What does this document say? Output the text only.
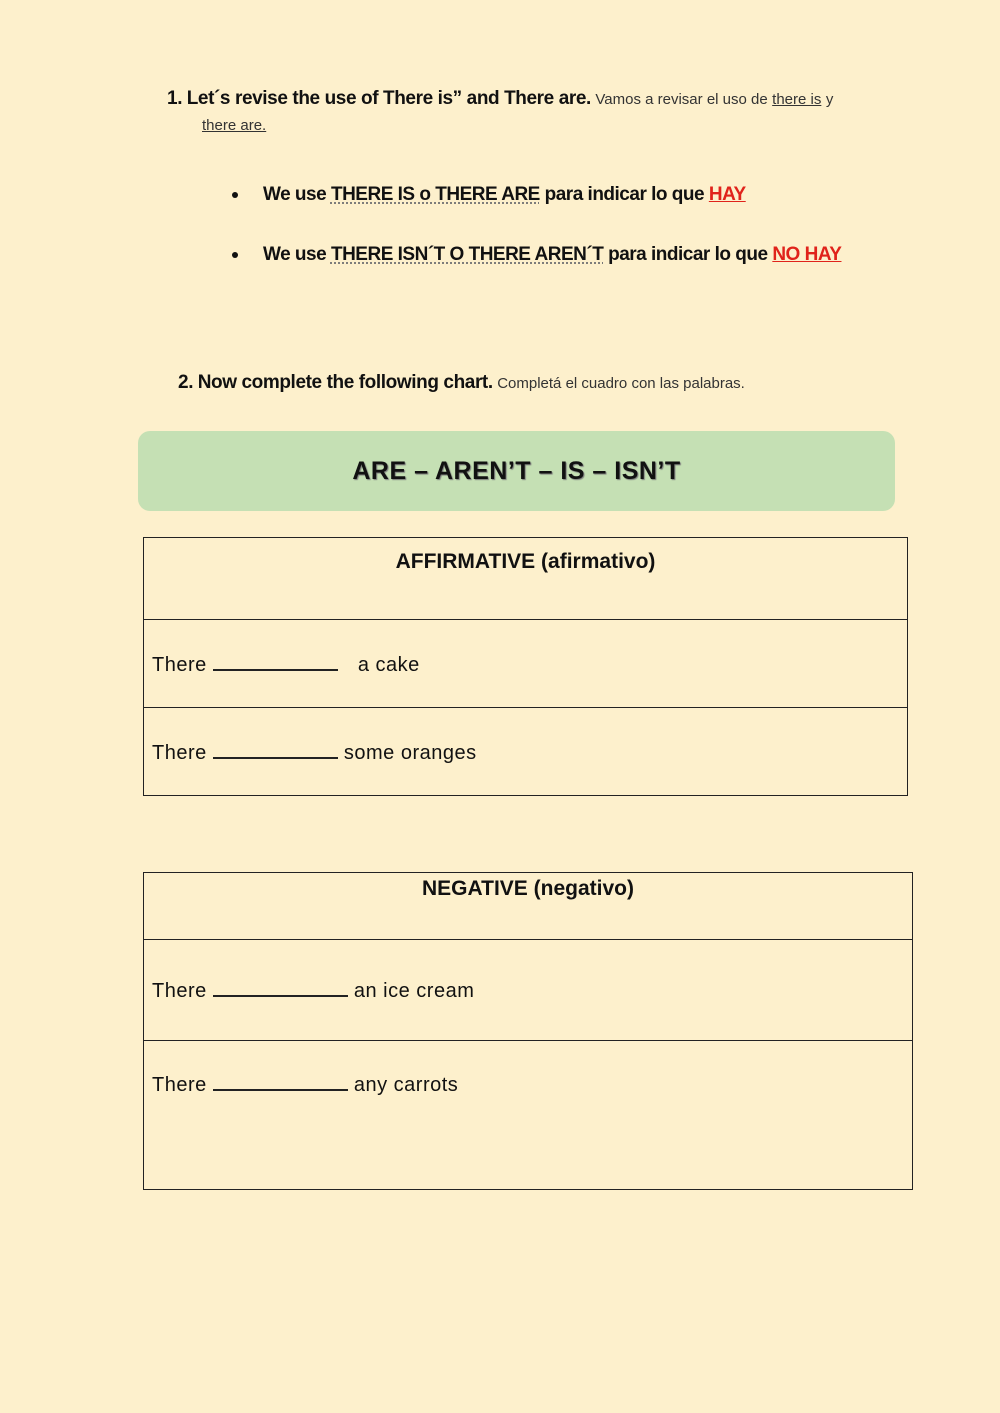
1. Let´s revise the use of There is” and There are. Vamos a revisar el uso de there is y
there are.
We use THERE IS o THERE ARE para indicar lo que HAY
We use THERE ISN´T O THERE AREN´T para indicar lo que NO HAY
2. Now complete the following chart. Completá el cuadro con las palabras.
ARE – AREN’T – IS – ISN’T
AFFIRMATIVE (afirmativo)
There	a cake
There	some oranges
NEGATIVE (negativo)
There	an ice cream
There	any carrots
